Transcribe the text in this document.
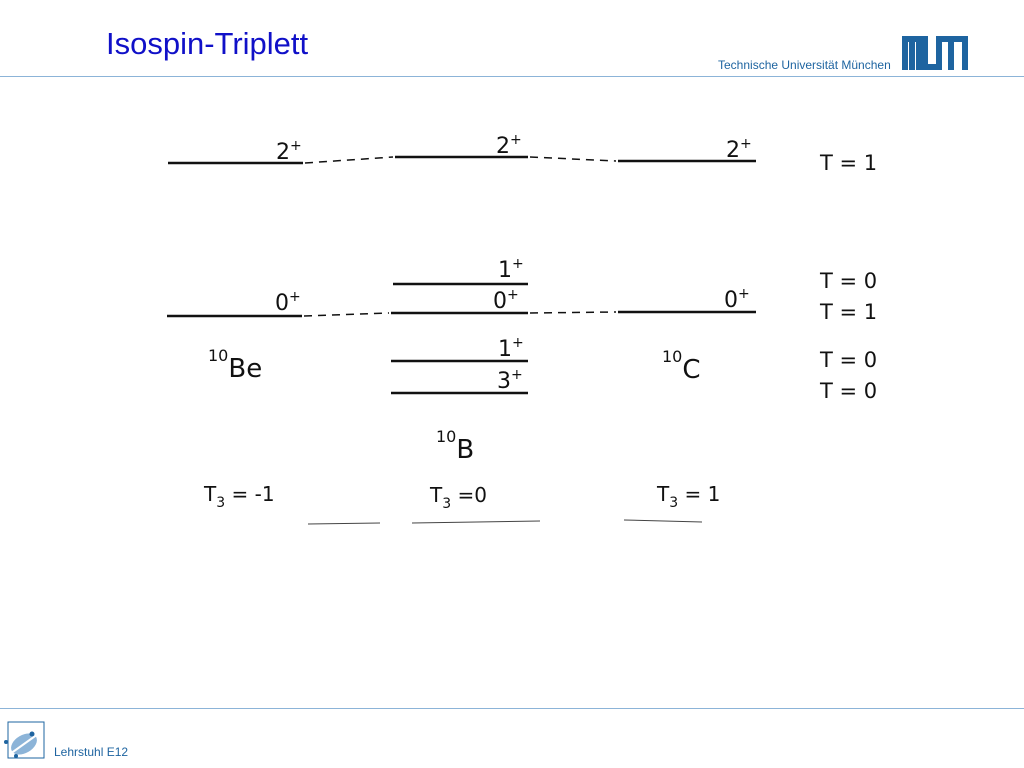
Isospin-Triplett
Technische Universität München
2+	2+	2+
1+
0+	0+	0+
1+
3+
T = 1
T = 0
T = 1
T = 0
T = 0
10Be
10B
10C
$T_3 = -1$	$T_3 =0$	$T_3 = 1$
Lehrstuhl E12
